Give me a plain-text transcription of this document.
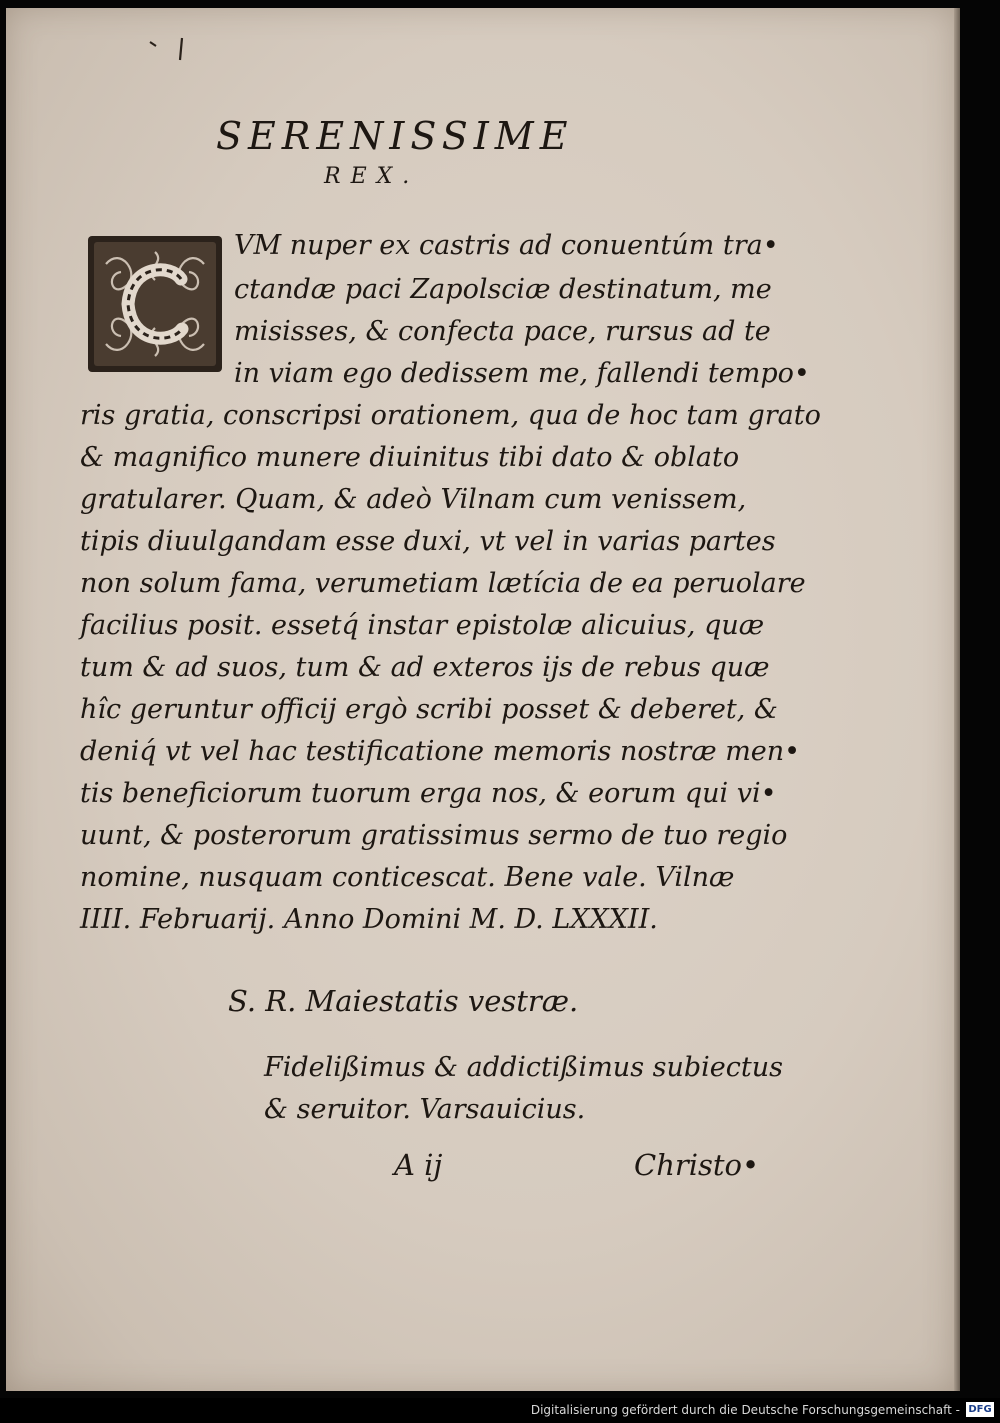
SERENISSIME
REX.
VM nuper ex castris ad conuentúm tra•
ctandæ paci Zapolsciæ destinatum, me
misisses, & confecta pace, rursus ad te
in viam ego dedissem me, fallendi tempo•
ris gratia, conscripsi orationem, qua de hoc tam grato
& magnifico munere diuinitus tibi dato & oblato
gratularer. Quam, & adeò Vilnam cum venissem,
tipis diuulgandam esse duxi, vt vel in varias partes
non solum fama, verumetiam lætícia de ea peruolare
facilius posit. essetq́ instar epistolæ alicuius, quæ
tum & ad suos, tum & ad exteros ijs de rebus quæ
hîc geruntur officij ergò scribi posset & deberet, &
deniq́ vt vel hac testificatione memoris nostræ men•
tis beneficiorum tuorum erga nos, & eorum qui vi•
uunt, & posterorum gratissimus sermo de tuo regio
nomine, nusquam conticescat. Bene vale. Vilnæ
IIII. Februarij. Anno Domini M. D. LXXXII.
S. R. Maiestatis vestræ.
Fidelißimus & addictißimus subiectus
& seruitor. Varsauicius.
A ij	Christo•
Digitalisierung gefördert durch die Deutsche Forschungsgemeinschaft - DFG
